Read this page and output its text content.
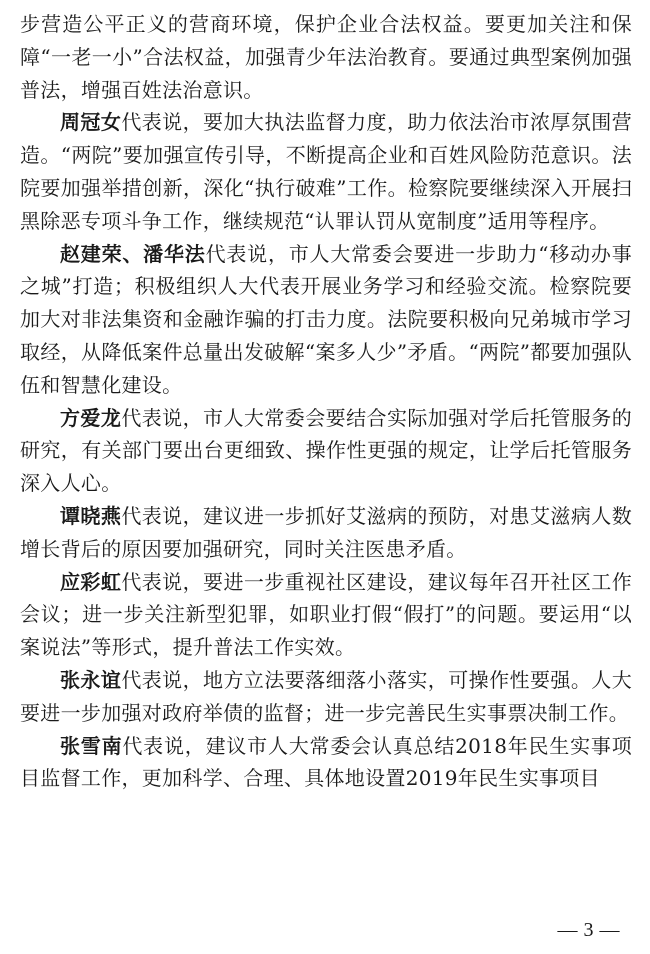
步营造公平正义的营商环境，保护企业合法权益。要更加关注和保障“一老一小”合法权益，加强青少年法治教育。要通过典型案例加强普法，增强百姓法治意识。

周冠女代表说，要加大执法监督力度，助力依法治市浓厚氛围营造。“两院”要加强宣传引导，不断提高企业和百姓风险防范意识。法院要加强举措创新，深化“执行破难”工作。检察院要继续深入开展扫黑除恶专项斗争工作，继续规范“认罪认罚从宽制度”适用等程序。

赵建荣、潘华法代表说，市人大常委会要进一步助力“移动办事之城”打造；积极组织人大代表开展业务学习和经验交流。检察院要加大对非法集资和金融诈骗的打击力度。法院要积极向兄弟城市学习取经，从降低案件总量出发破解“案多人少”矛盾。“两院”都要加强队伍和智慧化建设。

方爱龙代表说，市人大常委会要结合实际加强对学后托管服务的研究，有关部门要出台更细致、操作性更强的规定，让学后托管服务深入人心。

谭晓燕代表说，建议进一步抓好艾滋病的预防，对患艾滋病人数增长背后的原因要加强研究，同时关注医患矛盾。

应彩虹代表说，要进一步重视社区建设，建议每年召开社区工作会议；进一步关注新型犯罪，如职业打假“假打”的问题。要运用“以案说法”等形式，提升普法工作实效。

张永谊代表说，地方立法要落细落小落实，可操作性要强。人大要进一步加强对政府举债的监督；进一步完善民生实事票决制工作。

张雪南代表说，建议市人大常委会认真总结2018年民生实事项目监督工作，更加科学、合理、具体地设置2019年民生实事项目

— 3 —
